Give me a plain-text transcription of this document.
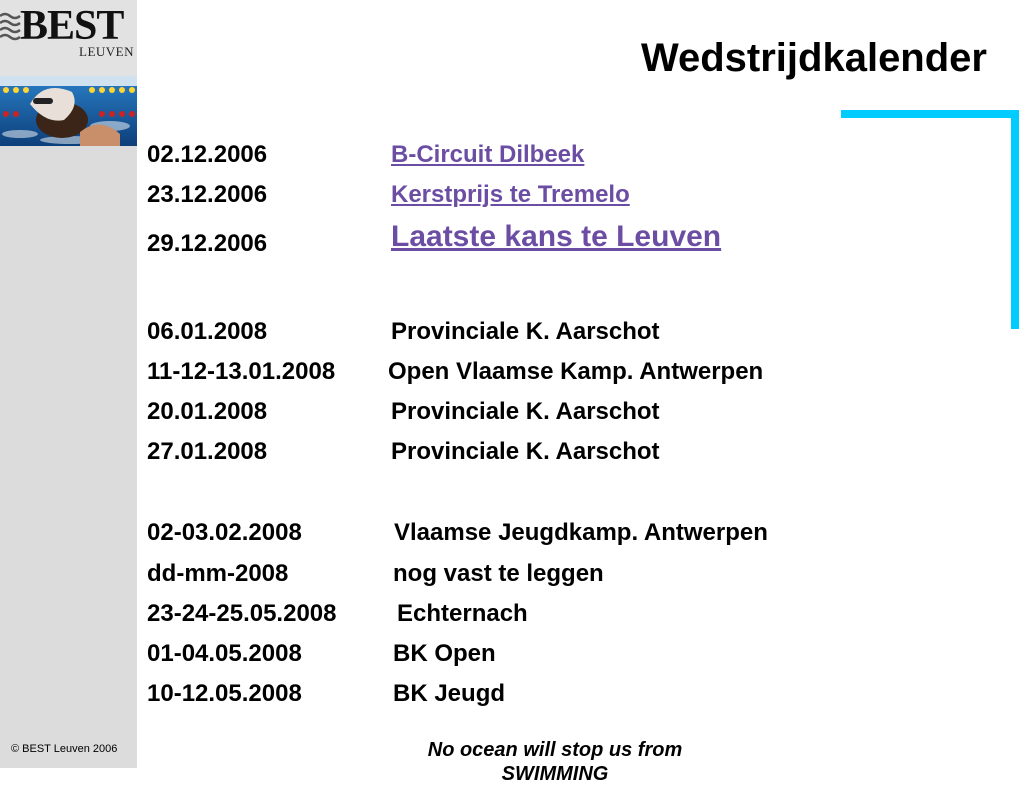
BEST
LEUVEN	Wedstrijdkalender
02.12.2006	B-Circuit Dilbeek
23.12.2006	Kerstprijs te Tremelo
29.12.2006	Laatste kans te Leuven
06.01.2008	Provinciale K. Aarschot
11-12-13.01.2008 Open Vlaamse Kamp. Antwerpen
20.01.2008	Provinciale K. Aarschot
27.01.2008	Provinciale K. Aarschot
02-03.02.2008	Vlaamse Jeugdkamp. Antwerpen
dd-mm-2008	nog vast te leggen
23-24-25.05.2008	Echternach
01-04.05.2008	BK Open
10-12.05.2008	BK Jeugd
© BEST Leuven 2006	No ocean will stop us from SWIMMING
